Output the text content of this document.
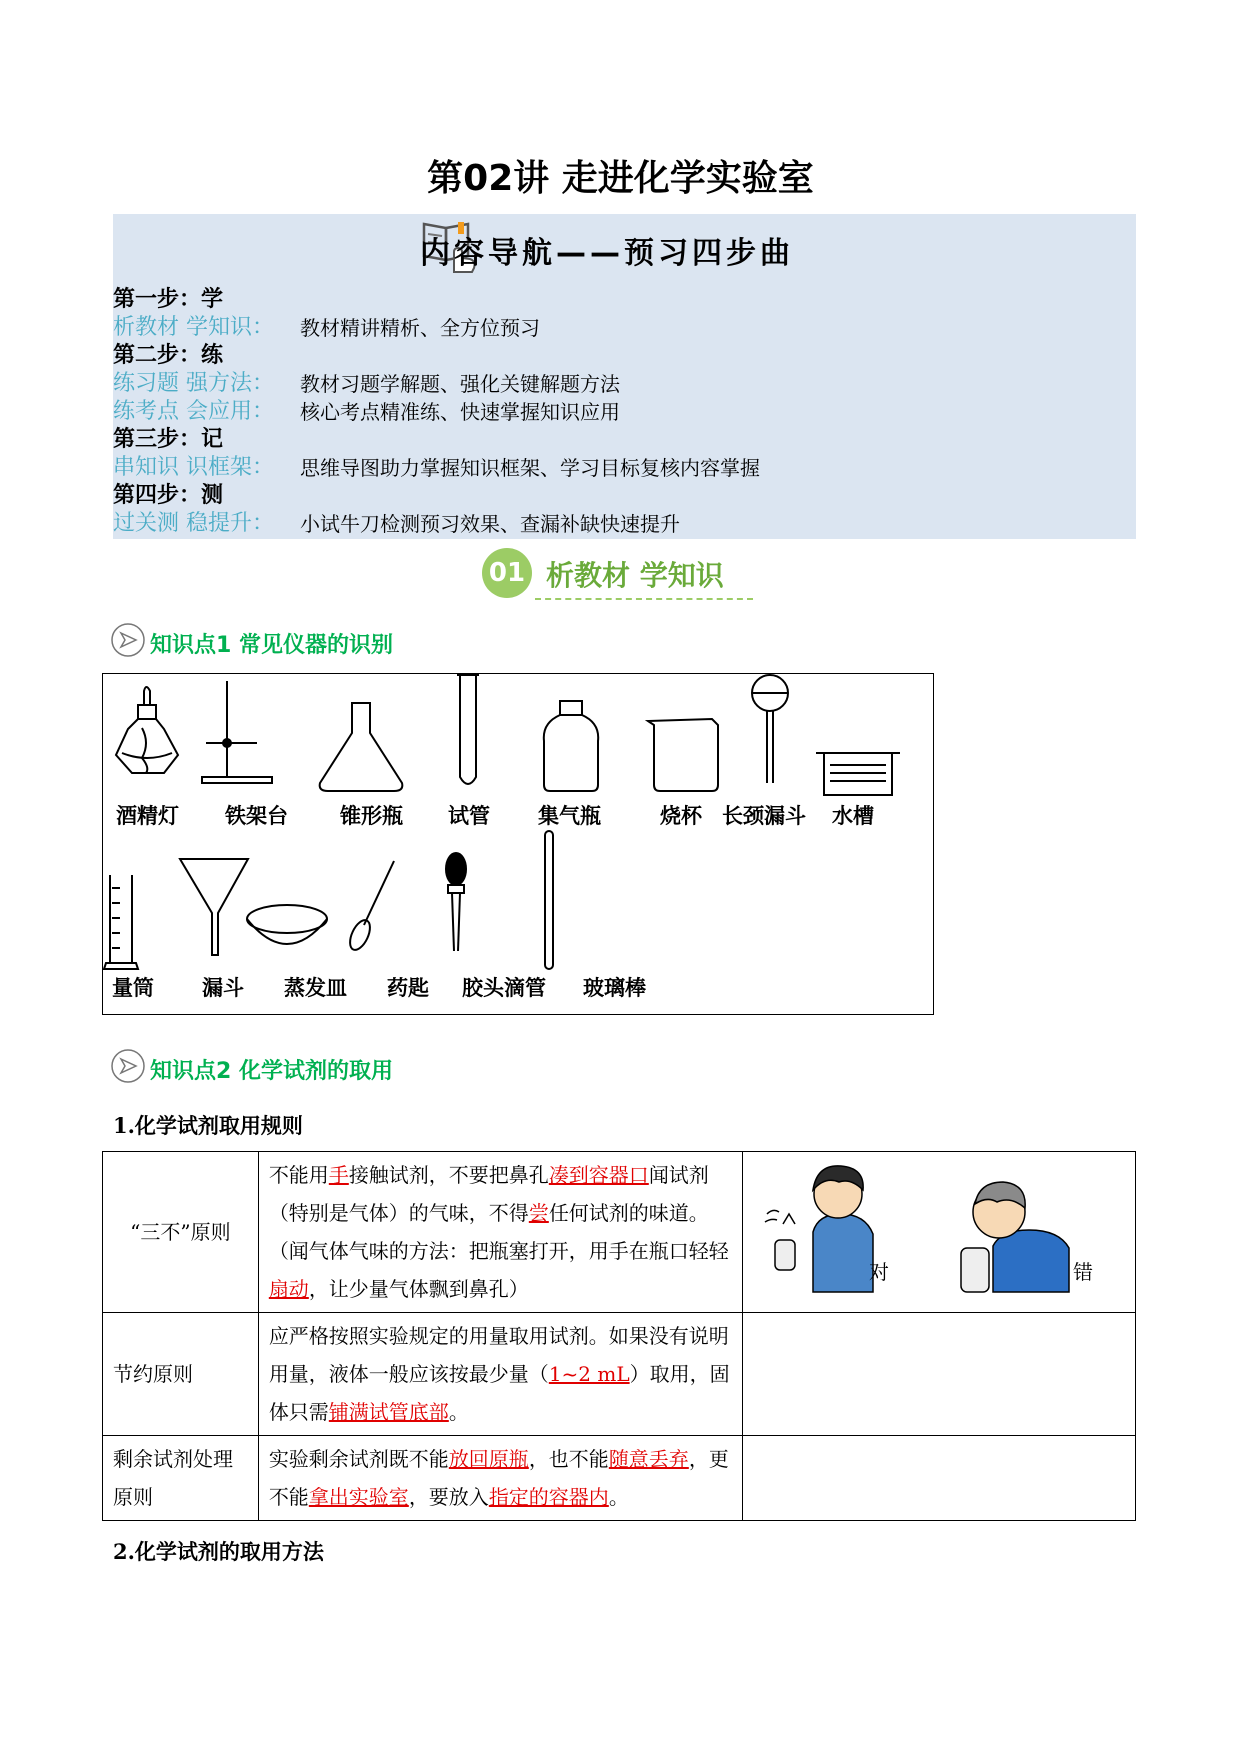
第02讲 走进化学实验室
内容导航——预习四步曲
第一步：学
析教材 学知识： 教材精讲精析、全方位预习
第二步：练
练习题 强方法： 教材习题学解题、强化关键解题方法
练考点 会应用： 核心考点精准练、快速掌握知识应用
第三步：记
串知识 识框架： 思维导图助力掌握知识框架、学习目标复核内容掌握
第四步：测
过关测 稳提升： 小试牛刀检测预习效果、查漏补缺快速提升
01 析教材 学知识
知识点1 常见仪器的识别
酒精灯 铁架台 锥形瓶 试管 集气瓶	烧杯 长颈漏斗 水槽
量筒 漏斗 蒸发皿 药匙 胶头滴管 玻璃棒
知识点2 化学试剂的取用
1.化学试剂取用规则
“三不”原则	不能用手接触试剂，不要把鼻孔凑到容器口闻试剂（特别是气体）的气味，不得尝任何试剂的味道。（闻气体气味的方法：把瓶塞打开，用手在瓶口轻轻扇动，让少量气体飘到鼻孔）	对 错

节约原则	应严格按照实验规定的用量取用试剂。如果没有说明用量，液体一般应该按最少量（1~2 mL）取用，固体只需铺满试管底部。	
剩余试剂处理原则	实验剩余试剂既不能放回原瓶，也不能随意丢弃，更不能拿出实验室，要放入指定的容器内。	
2.化学试剂的取用方法
